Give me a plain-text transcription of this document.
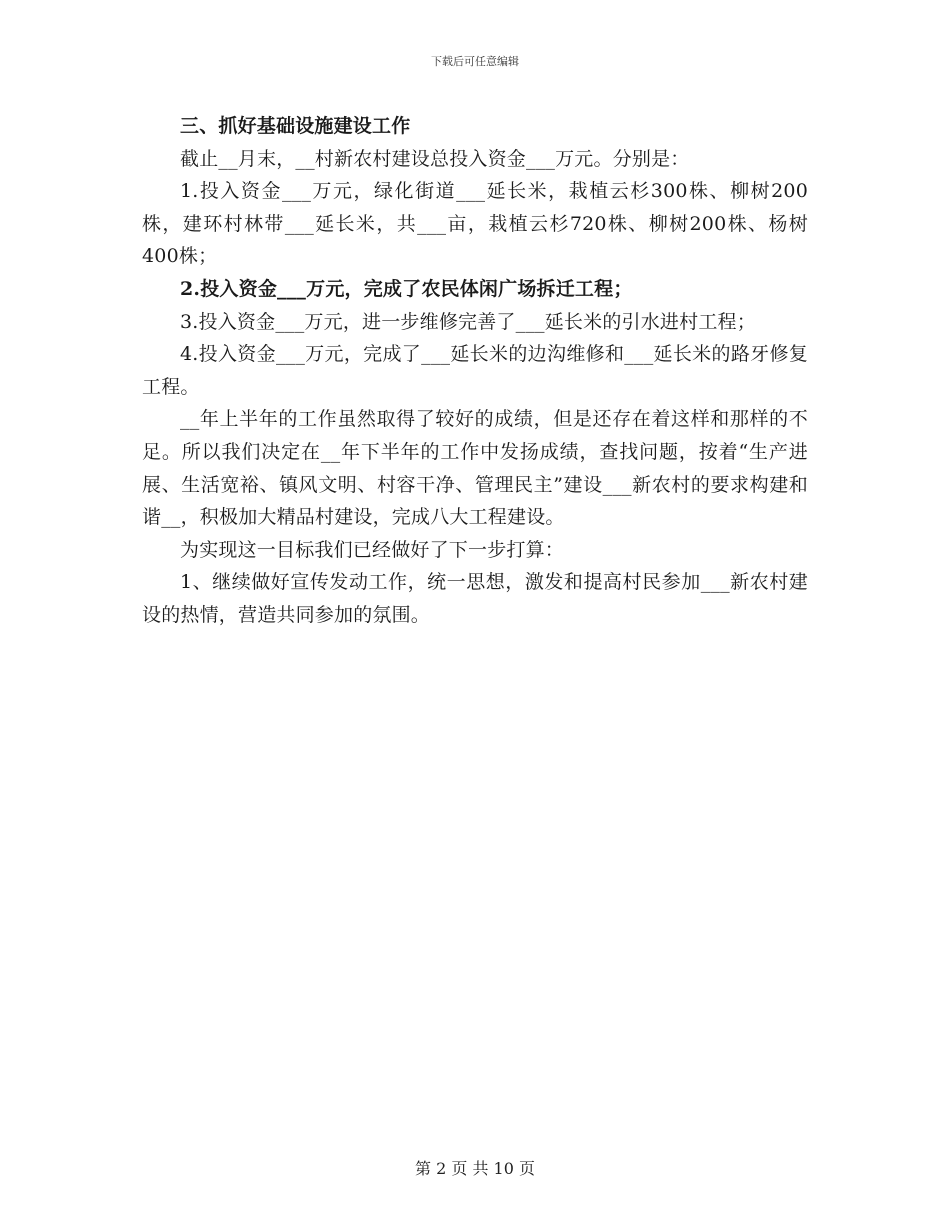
下载后可任意编辑

三、抓好基础设施建设工作

截止__月末，__村新农村建设总投入资金___万元。分别是：

1.投入资金___万元，绿化街道___延长米，栽植云杉300株、柳树200株，建环村林带___延长米，共___亩，栽植云杉720株、柳树200株、杨树400株；

2.投入资金___万元，完成了农民体闲广场拆迁工程；

3.投入资金___万元，进一步维修完善了___延长米的引水进村工程；

4.投入资金___万元，完成了___延长米的边沟维修和___延长米的路牙修复工程。

__年上半年的工作虽然取得了较好的成绩，但是还存在着这样和那样的不足。所以我们决定在__年下半年的工作中发扬成绩，查找问题，按着“生产进展、生活宽裕、镇风文明、村容干净、管理民主”建设___新农村的要求构建和谐__，积极加大精品村建设，完成八大工程建设。

为实现这一目标我们已经做好了下一步打算：

1、继续做好宣传发动工作，统一思想，激发和提高村民参加___新农村建设的热情，营造共同参加的氛围。

第 2 页 共 10 页
